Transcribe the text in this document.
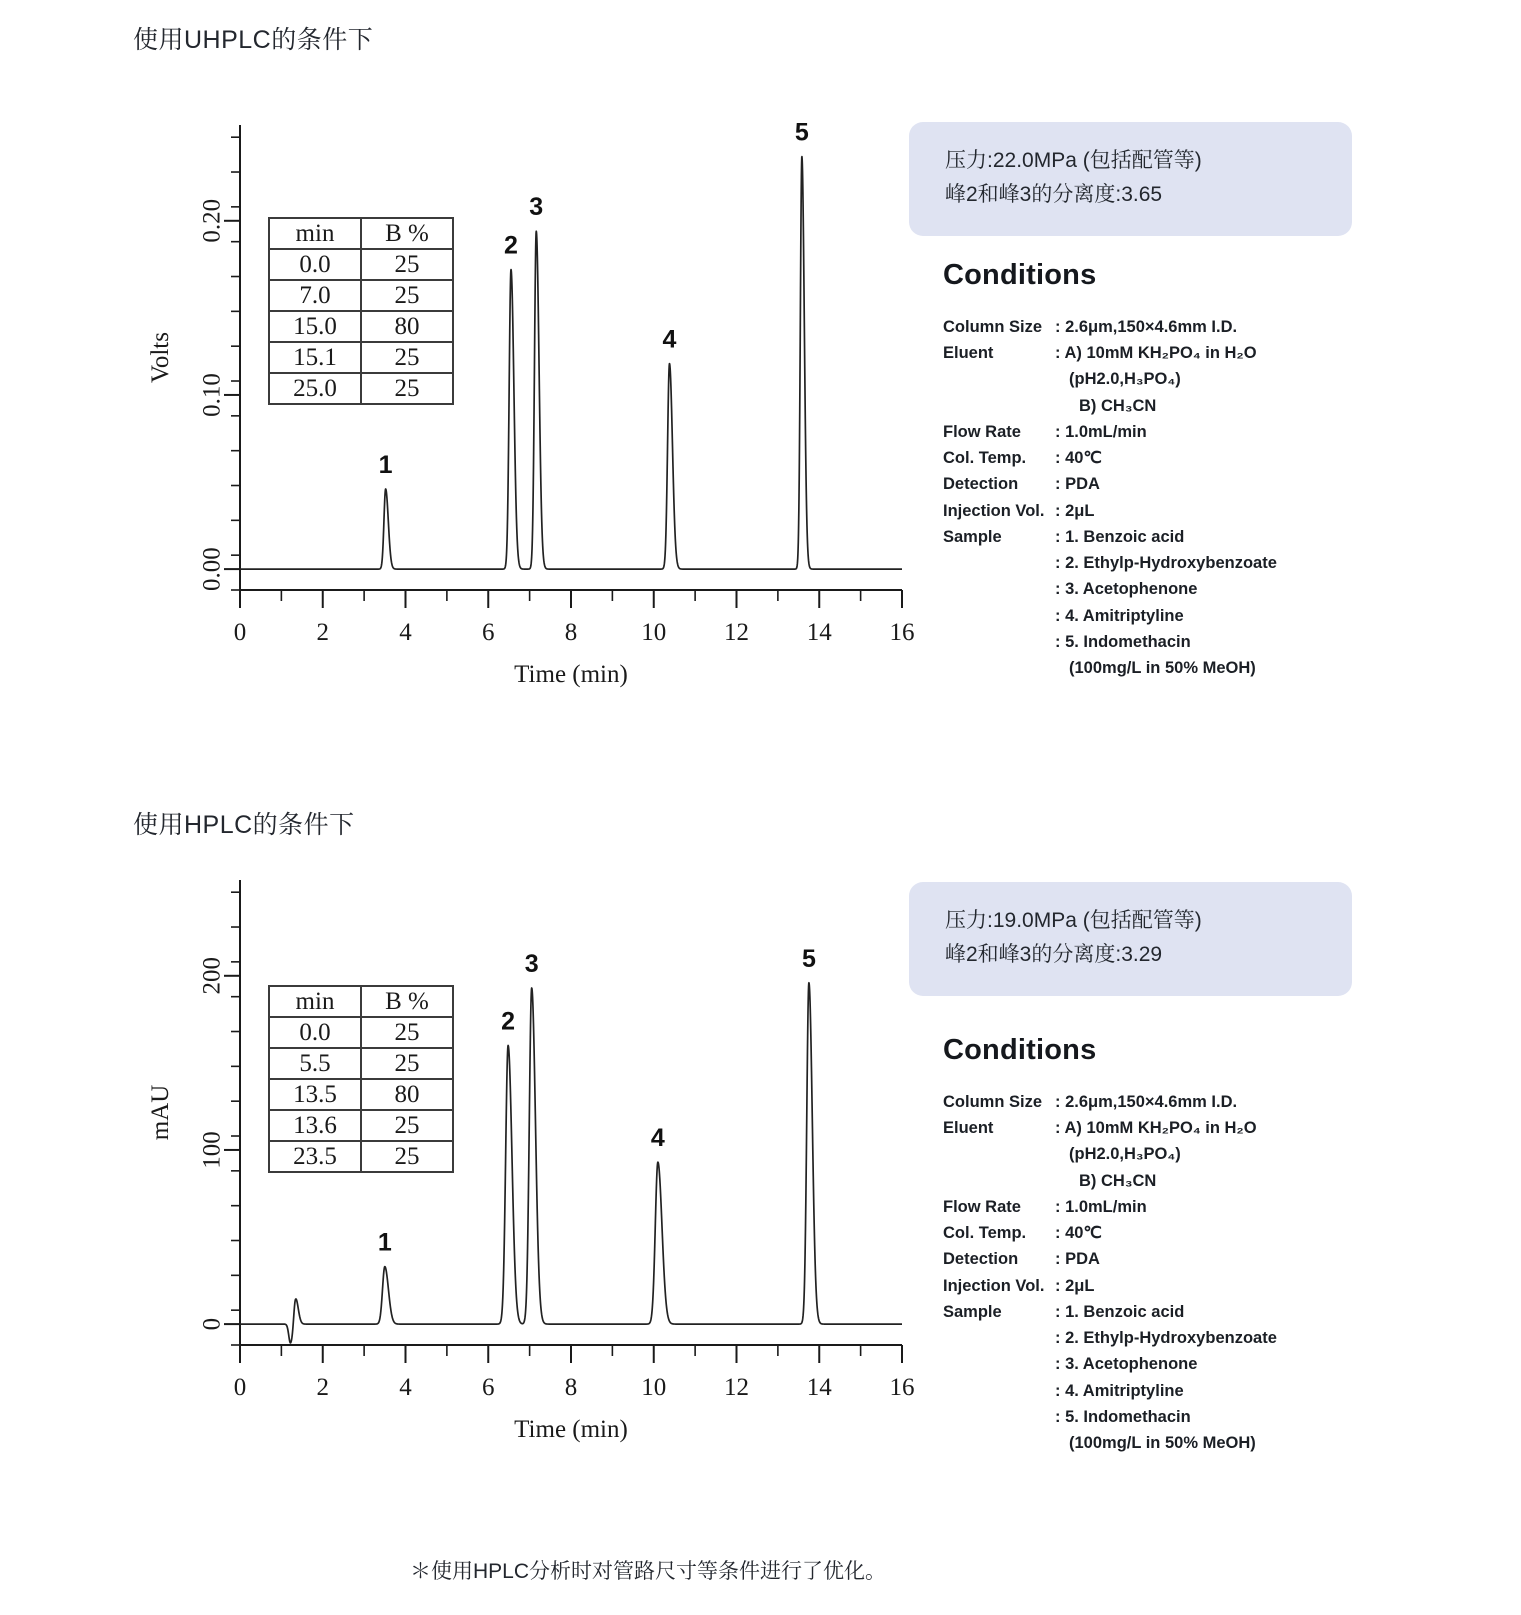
使用UHPLC的条件下
0.00
0.10
0.20
Volts
0	2	4	6	8	10 12 14 16
Time (min)
1
2
3
4
5
min	B %
0.0	25
7.0	25
15.0	80
15.1	25
25.0	25
压力:22.0MPa (包括配管等)
峰2和峰3的分离度:3.65
Conditions
Column Size : 2.6μm,150×4.6mm I.D.
Eluent	: A) 10mM KH₂PO₄ in H₂O
(pH2.0,H₃PO₄)
B) CH₃CN
Flow Rate	: 1.0mL/min
Col. Temp.	: 40℃
Detection	: PDA
Injection Vol. : 2μL
Sample	: 1. Benzoic acid
: 2. Ethylp-Hydroxybenzoate
: 3. Acetophenone
: 4. Amitriptyline
: 5. Indomethacin
(100mg/L in 50% MeOH)
使用HPLC的条件下
0
100
200
mAU
0	2	4	6	8	10 12 14 16
Time (min)
1
2
3
4
5
min	B %
0.0	25
5.5	25
13.5	80
13.6	25
23.5	25
压力:19.0MPa (包括配管等)
峰2和峰3的分离度:3.29
Conditions
Column Size : 2.6μm,150×4.6mm I.D.
Eluent	: A) 10mM KH₂PO₄ in H₂O
(pH2.0,H₃PO₄)
B) CH₃CN
Flow Rate	: 1.0mL/min
Col. Temp.	: 40℃
Detection	: PDA
Injection Vol. : 2μL
Sample	: 1. Benzoic acid
: 2. Ethylp-Hydroxybenzoate
: 3. Acetophenone
: 4. Amitriptyline
: 5. Indomethacin
(100mg/L in 50% MeOH)
＊使用HPLC分析时对管路尺寸等条件进行了优化。
